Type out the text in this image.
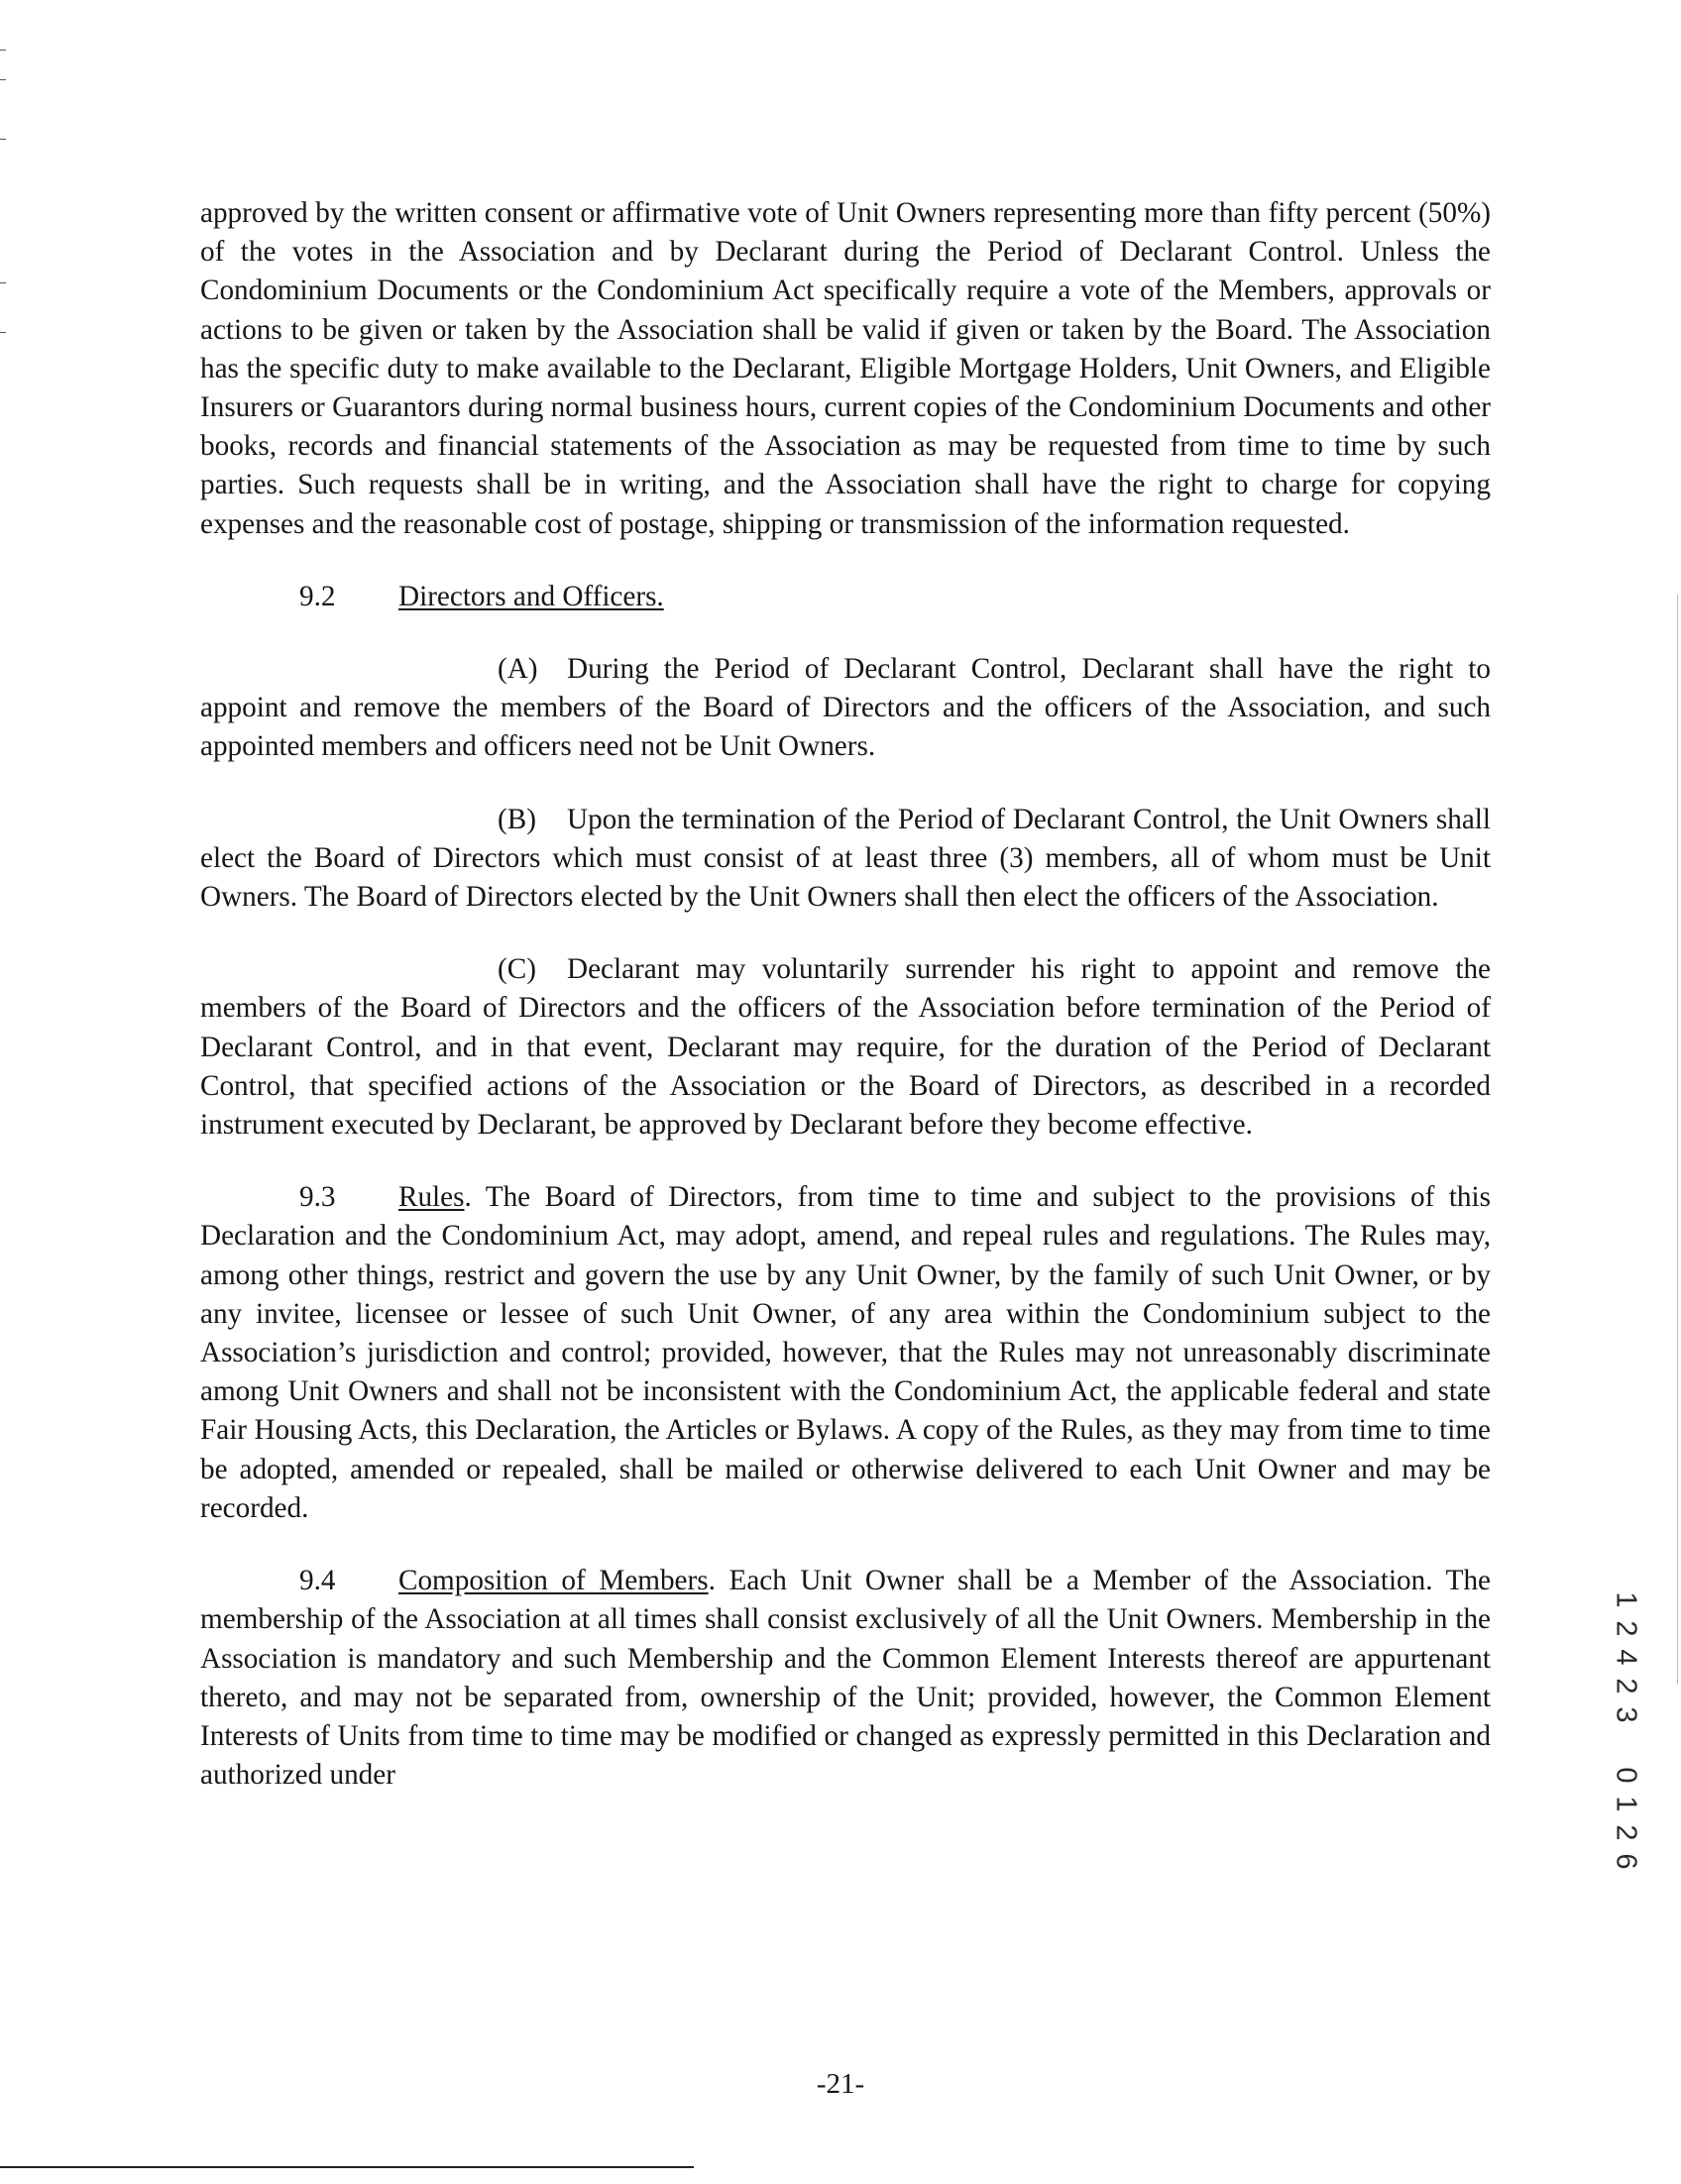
approved by the written consent or affirmative vote of Unit Owners representing more than fifty percent (50%) of the votes in the Association and by Declarant during the Period of Declarant Control. Unless the Condominium Documents or the Condominium Act specifically require a vote of the Members, approvals or actions to be given or taken by the Association shall be valid if given or taken by the Board. The Association has the specific duty to make available to the Declarant, Eligible Mortgage Holders, Unit Owners, and Eligible Insurers or Guarantors during normal business hours, current copies of the Condominium Documents and other books, records and financial statements of the Association as may be requested from time to time by such parties. Such requests shall be in writing, and the Association shall have the right to charge for copying expenses and the reasonable cost of postage, shipping or transmission of the information requested.

9.2 Directors and Officers.

(A) During the Period of Declarant Control, Declarant shall have the right to appoint and remove the members of the Board of Directors and the officers of the Association, and such appointed members and officers need not be Unit Owners.

(B) Upon the termination of the Period of Declarant Control, the Unit Owners shall elect the Board of Directors which must consist of at least three (3) members, all of whom must be Unit Owners. The Board of Directors elected by the Unit Owners shall then elect the officers of the Association.

(C) Declarant may voluntarily surrender his right to appoint and remove the members of the Board of Directors and the officers of the Association before termination of the Period of Declarant Control, and in that event, Declarant may require, for the duration of the Period of Declarant Control, that specified actions of the Association or the Board of Directors, as described in a recorded instrument executed by Declarant, be approved by Declarant before they become effective.

9.3 Rules. The Board of Directors, from time to time and subject to the provisions of this Declaration and the Condominium Act, may adopt, amend, and repeal rules and regulations. The Rules may, among other things, restrict and govern the use by any Unit Owner, by the family of such Unit Owner, or by any invitee, licensee or lessee of such Unit Owner, of any area within the Condominium subject to the Association’s jurisdiction and control; provided, however, that the Rules may not unreasonably discriminate among Unit Owners and shall not be inconsistent with the Condominium Act, the applicable federal and state Fair Housing Acts, this Declaration, the Articles or Bylaws. A copy of the Rules, as they may from time to time be adopted, amended or repealed, shall be mailed or otherwise delivered to each Unit Owner and may be recorded.

9.4 Composition of Members. Each Unit Owner shall be a Member of the Association. The membership of the Association at all times shall consist exclusively of all the Unit Owners. Membership in the Association is mandatory and such Membership and the Common Element Interests thereof are appurtenant thereto, and may not be separated from, ownership of the Unit; provided, however, the Common Element Interests of Units from time to time may be modified or changed as expressly permitted in this Declaration and authorized under

1
2
4
2
3
0
1
2
6
-21-
